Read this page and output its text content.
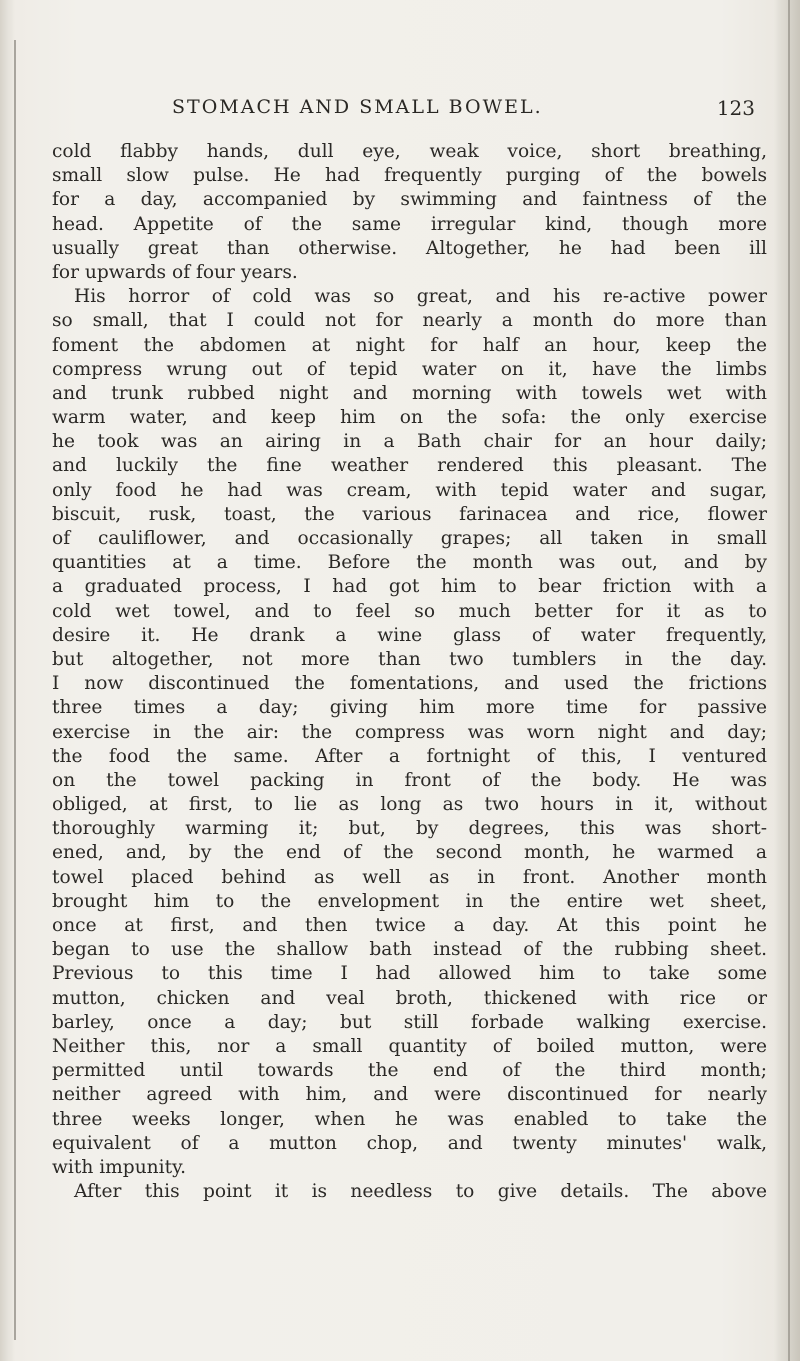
STOMACH AND SMALL BOWEL.	123
cold flabby hands, dull eye, weak voice, short breathing,
small slow pulse. He had frequently purging of the bowels
for a day, accompanied by swimming and faintness of the
head. Appetite of the same irregular kind, though more
usually great than otherwise. Altogether, he had been ill
for upwards of four years.
His horror of cold was so great, and his re-active power
so small, that I could not for nearly a month do more than
foment the abdomen at night for half an hour, keep the
compress wrung out of tepid water on it, have the limbs
and trunk rubbed night and morning with towels wet with
warm water, and keep him on the sofa: the only exercise
he took was an airing in a Bath chair for an hour daily;
and luckily the fine weather rendered this pleasant. The
only food he had was cream, with tepid water and sugar,
biscuit, rusk, toast, the various farinacea and rice, flower
of cauliflower, and occasionally grapes; all taken in small
quantities at a time. Before the month was out, and by
a graduated process, I had got him to bear friction with a
cold wet towel, and to feel so much better for it as to
desire it. He drank a wine glass of water frequently,
but altogether, not more than two tumblers in the day.
I now discontinued the fomentations, and used the frictions
three times a day; giving him more time for passive
exercise in the air: the compress was worn night and day;
the food the same. After a fortnight of this, I ventured
on the towel packing in front of the body. He was
obliged, at first, to lie as long as two hours in it, without
thoroughly warming it; but, by degrees, this was short-
ened, and, by the end of the second month, he warmed a
towel placed behind as well as in front. Another month
brought him to the envelopment in the entire wet sheet,
once at first, and then twice a day. At this point he
began to use the shallow bath instead of the rubbing sheet.
Previous to this time I had allowed him to take some
mutton, chicken and veal broth, thickened with rice or
barley, once a day; but still forbade walking exercise.
Neither this, nor a small quantity of boiled mutton, were
permitted until towards the end of the third month;
neither agreed with him, and were discontinued for nearly
three weeks longer, when he was enabled to take the
equivalent of a mutton chop, and twenty minutes' walk,
with impunity.
After this point it is needless to give details. The above
